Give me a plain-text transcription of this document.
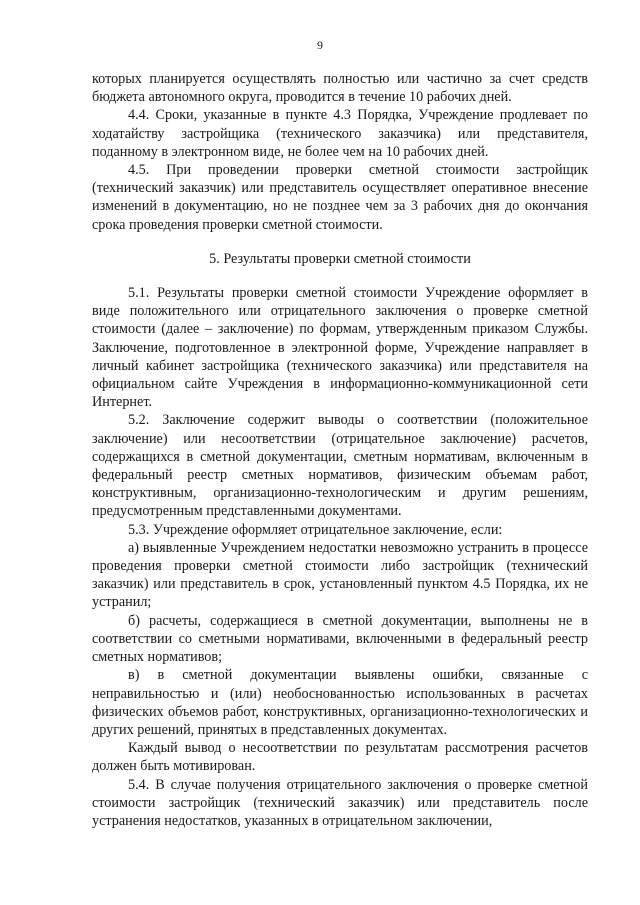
9

которых планируется осуществлять полностью или частично за счет средств бюджета автономного округа, проводится в течение 10 рабочих дней.

4.4. Сроки, указанные в пункте 4.3 Порядка, Учреждение продлевает по ходатайству застройщика (технического заказчика) или представителя, поданному в электронном виде, не более чем на 10 рабочих дней.

4.5. При проведении проверки сметной стоимости застройщик (технический заказчик) или представитель осуществляет оперативное внесение изменений в документацию, но не позднее чем за 3 рабочих дня до окончания срока проведения проверки сметной стоимости.

5. Результаты проверки сметной стоимости

5.1. Результаты проверки сметной стоимости Учреждение оформляет в виде положительного или отрицательного заключения о проверке сметной стоимости (далее – заключение) по формам, утвержденным приказом Службы. Заключение, подготовленное в электронной форме, Учреждение направляет в личный кабинет застройщика (технического заказчика) или представителя на официальном сайте Учреждения в информационно-коммуникационной сети Интернет.

5.2. Заключение содержит выводы о соответствии (положительное заключение) или несоответствии (отрицательное заключение) расчетов, содержащихся в сметной документации, сметным нормативам, включенным в федеральный реестр сметных нормативов, физическим объемам работ, конструктивным, организационно-технологическим и другим решениям, предусмотренным представленными документами.

5.3. Учреждение оформляет отрицательное заключение, если:

а) выявленные Учреждением недостатки невозможно устранить в процессе проведения проверки сметной стоимости либо застройщик (технический заказчик) или представитель в срок, установленный пунктом 4.5 Порядка, их не устранил;

б) расчеты, содержащиеся в сметной документации, выполнены не в соответствии со сметными нормативами, включенными в федеральный реестр сметных нормативов;

в) в сметной документации выявлены ошибки, связанные с неправильностью и (или) необоснованностью использованных в расчетах физических объемов работ, конструктивных, организационно-технологических и других решений, принятых в представленных документах.

Каждый вывод о несоответствии по результатам рассмотрения расчетов должен быть мотивирован.

5.4. В случае получения отрицательного заключения о проверке сметной стоимости застройщик (технический заказчик) или представитель после устранения недостатков, указанных в отрицательном заключении,
